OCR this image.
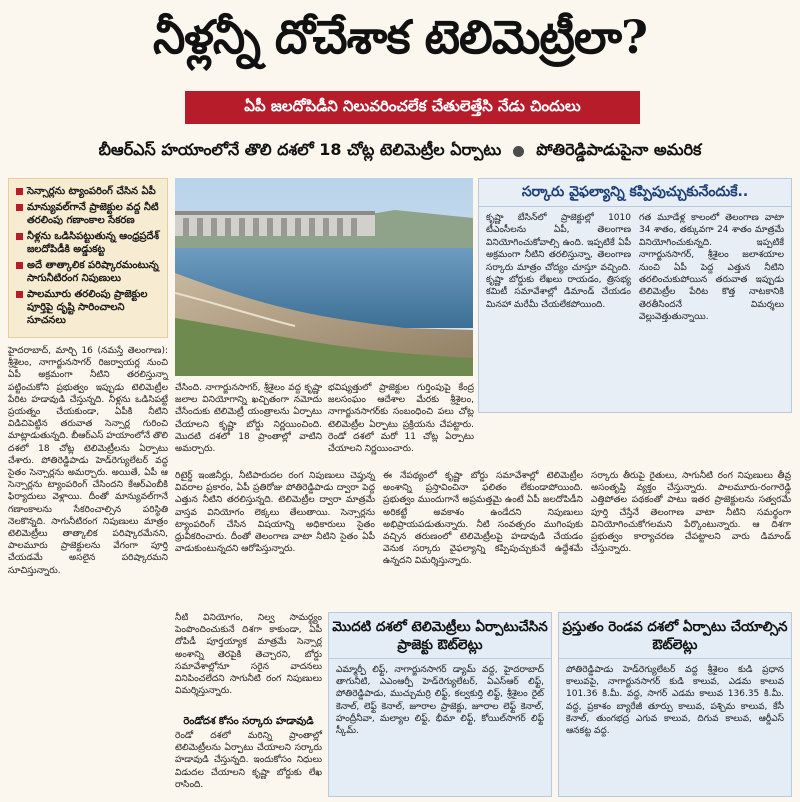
నీళ్లన్నీ దోచేశాక టెలిమెట్రీలా?
ఏపీ జలదోపిడీని నిలువరించలేక చేతులెత్తేసి నేడు చిందులు
బీఆర్‌ఎస్ హయాంలోనే తొలి దశలో 18 చోట్ల టెలిమెట్రీల ఏర్పాటు పోతిరెడ్డిపాడుపైనా అమరిక
సెన్సార్లను ట్యాంపరింగ్ చేసిన ఏపీ
మాన్యువల్‌గానే ప్రాజెక్టుల వద్ద నీటి తరలింపు గణాంకాల సేకరణ
నీళ్లను ఒడిసిపట్టుతున్న ఆంధ్రప్రదేశ్ జలదోపిడీకి అడ్డుకట్ట
అదే తాత్కాలిక పరిష్కారమంటున్న సాగునీటిరంగ నిపుణులు
పాలమూరు తరలింపు ప్రాజెక్టుల పూర్తిపై దృష్టి సారించాలని సూచనలు
సర్కారు వైఫల్యాన్ని కప్పిపుచ్చుకునేందుకే..

కృష్ణా బేసిన్‌లో ప్రాజెక్టుల్లో 1010 టీఎంసీలను ఏపీ, తెలంగాణ వినియోగించుకోవాల్సి ఉంది. ఇప్పటికే ఏపీ అక్రమంగా నీటిని తరలిస్తున్నా, తెలంగాణ సర్కారు మాత్రం చోద్యం చూస్తూ వచ్చింది. కృష్ణా బోర్డుకు లేఖలు రాయడం, త్రిసభ్య కమిటీ సమావేశాల్లో డిమాండ్ చేయడం మినహా మరేమీ చేయలేకపోయింది.

గత మూడేళ్ల కాలంలో తెలంగాణ వాటా 34 శాతం, తక్కువగా 24 శాతం మాత్రమే వినియోగించుకున్నది. ఇప్పటికే నాగార్జునసాగర్, శ్రీశైలం జలాశయాల నుంచి ఏపీ పెద్ద ఎత్తున నీటిని తరలించుకుపోయిన తరువాత ఇప్పుడు టెలిమెట్రీల పేరిట కొత్త నాటకానికి తెరతీసిందనే విమర్శలు వెల్లువెత్తుతున్నాయి.

హైదరాబాద్, మార్చి 16 (నమస్తే తెలంగాణ): శ్రీశైలం, నాగార్జునసాగర్ రిజర్వాయర్ల నుంచి ఏపీ అక్రమంగా నీటిని తరలిస్తున్నా పట్టించుకోని ప్రభుత్వం ఇప్పుడు టెలిమెట్రీల పేరిట హడావుడి చేస్తున్నది. నీళ్లను ఒడిసిపట్టే ప్రయత్నం చేయకుండా, ఏపీకి నీటిని విడిచిపెట్టిన తరువాత సెన్సార్ల గురించి మాట్లాడుతున్నది. బీఆర్‌ఎస్ హయాంలోనే తొలి దశలో 18 చోట్ల టెలిమెట్రీలను ఏర్పాటు చేశారు. పోతిరెడ్డిపాడు హెడ్‌రెగ్యులేటర్ వద్ద సైతం సెన్సార్లను అమర్చారు. అయితే, ఏపీ ఆ సెన్సార్లను ట్యాంపరింగ్ చేసిందని కేఆర్‌ఎంబీకి ఫిర్యాదులు వెళ్లాయి. దీంతో మాన్యువల్‌గానే గణాంకాలను సేకరించాల్సిన పరిస్థితి నెలకొన్నది. సాగునీటిరంగ నిపుణులు మాత్రం టెలిమెట్రీలు తాత్కాలిక పరిష్కారమేనని, పాలమూరు ప్రాజెక్టులను వేగంగా పూర్తి చేయడమే అసలైన పరిష్కారమని సూచిస్తున్నారు.

చేసింది. నాగార్జునసాగర్, శ్రీశైలం వద్ద కృష్ణా జలాల వినియోగాన్ని ఖచ్చితంగా నమోదు చేసేందుకు టెలిమెట్రీ యంత్రాలను ఏర్పాటు చేయాలని కృష్ణా బోర్డు నిర్ణయించింది. మొదటి దశలో 18 ప్రాంతాల్లో వాటిని అమర్చారు.

భవిష్యత్తులో ప్రాజెక్టుల గుర్తింపుపై కేంద్ర జలసంఘం ఆదేశాల మేరకు శ్రీశైలం, నాగార్జునసాగర్‌కు సంబంధించి పలు చోట్ల టెలిమెట్రీల ఏర్పాటు ప్రక్రియను చేపట్టారు. రెండో దశలో మరో 11 చోట్ల ఏర్పాటు చేయాలని నిర్ణయించారు.

రిటైర్డ్ ఇంజినీర్లు, నీటిపారుదల రంగ నిపుణులు చెప్తున్న వివరాల ప్రకారం, ఏపీ ప్రతిరోజు పోతిరెడ్డిపాడు ద్వారా పెద్ద ఎత్తున నీటిని తరలిస్తున్నది. టెలిమెట్రీల ద్వారా మాత్రమే వాస్తవ వినియోగం లెక్కలు తేలుతాయి. సెన్సార్లను ట్యాంపరింగ్ చేసిన విషయాన్ని అధికారులు సైతం ధ్రువీకరించారు. దీంతో తెలంగాణ వాటా నీటిని సైతం ఏపీ వాడుకుంటున్నదని ఆరోపిస్తున్నారు.

ఈ నేపథ్యంలో కృష్ణా బోర్డు సమావేశాల్లో టెలిమెట్రీల అంశాన్ని ప్రస్తావించినా ఫలితం లేకుండాపోయింది. ప్రభుత్వం ముందుగానే అప్రమత్తమై ఉంటే ఏపీ జలదోపిడీని అరికట్టే అవకాశం ఉండేదని నిపుణులు అభిప్రాయపడుతున్నారు. నీటి సంవత్సరం ముగింపుకు వచ్చిన తరుణంలో టెలిమెట్రీలపై హడావుడి చేయడం వెనుక సర్కారు వైఫల్యాన్ని కప్పిపుచ్చుకునే ఉద్దేశమే ఉన్నదని విమర్శిస్తున్నారు.

సర్కారు తీరుపై రైతులు, సాగునీటి రంగ నిపుణులు తీవ్ర అసంతృప్తి వ్యక్తం చేస్తున్నారు. పాలమూరు-రంగారెడ్డి ఎత్తిపోతల పథకంతో పాటు ఇతర ప్రాజెక్టులను సత్వరమే పూర్తి చేస్తేనే తెలంగాణ వాటా నీటిని సమర్థంగా వినియోగించుకోగలమని పేర్కొంటున్నారు. ఆ దిశగా ప్రభుత్వం కార్యాచరణ చేపట్టాలని వారు డిమాండ్ చేస్తున్నారు.

నీటి వినియోగం, నిల్వ సామర్థ్యం పెంపొందించుకునే దిశగా కాకుండా, ఏపీ దోపిడీ పూర్తయ్యాక మాత్రమే సెన్సార్ల అంశాన్ని తెరపైకి తెచ్చారని, బోర్డు సమావేశాల్లోనూ సరైన వాదనలు వినిపించలేదని సాగునీటి రంగ నిపుణులు విమర్శిస్తున్నారు.

రెండోదశ కోసం సర్కారు హడావుడి

రెండో దశలో మరిన్ని ప్రాంతాల్లో టెలిమెట్రీలను ఏర్పాటు చేయాలని సర్కారు హడావుడి చేస్తున్నది. ఇందుకోసం నిధులు విడుదల చేయాలని కృష్ణా బోర్డుకు లేఖ రాసింది.

మొదటి దశలో టెలిమెట్రీలు ఏర్పాటుచేసిన ప్రాజెక్టు ఔట్‌లెట్లు

ఎమ్మార్పీ లిఫ్ట్, నాగార్జునసాగర్ డ్యామ్ వద్ద, హైదరాబాద్ తాగునీటి, ఎఎంఆర్పీ హెడ్‌రెగ్యులేటర్, ఏఎస్ఆర్ లిఫ్ట్, పోతిరెడ్డిపాడు, ముచ్చుమర్రి లిఫ్ట్, కల్వకుర్తి లిఫ్ట్, శ్రీశైలం రైట్ కెనాల్, లెఫ్ట్ కెనాల్, జూరాల ప్రాజెక్టు, జూరాల లెఫ్ట్ కెనాల్, హంద్రీనీవా, మల్యాల లిఫ్ట్, భీమా లిఫ్ట్, కోయిల్‌సాగర్ లిఫ్ట్ స్కీమ్.

ప్రస్తుతం రెండవ దశలో ఏర్పాటు చేయాల్సిన ఔట్‌లెట్లు

పోతిరెడ్డిపాడు హెడ్‌రెగ్యులేటర్ వద్ద శ్రీశైలం కుడి ప్రధాన కాలువపై, నాగార్జునసాగర్ కుడి కాలువ, ఎడమ కాలువ 101.36 కి.మీ. వద్ద, సాగర్ ఎడమ కాలువ 136.35 కి.మీ. వద్ద, ప్రకాశం బ్యారేజీ తూర్పు కాలువ, పశ్చిమ కాలువ, కేసీ కెనాల్, తుంగభద్ర ఎగువ కాలువ, దిగువ కాలువ, ఆర్డీఎస్ ఆనకట్ట వద్ద.
